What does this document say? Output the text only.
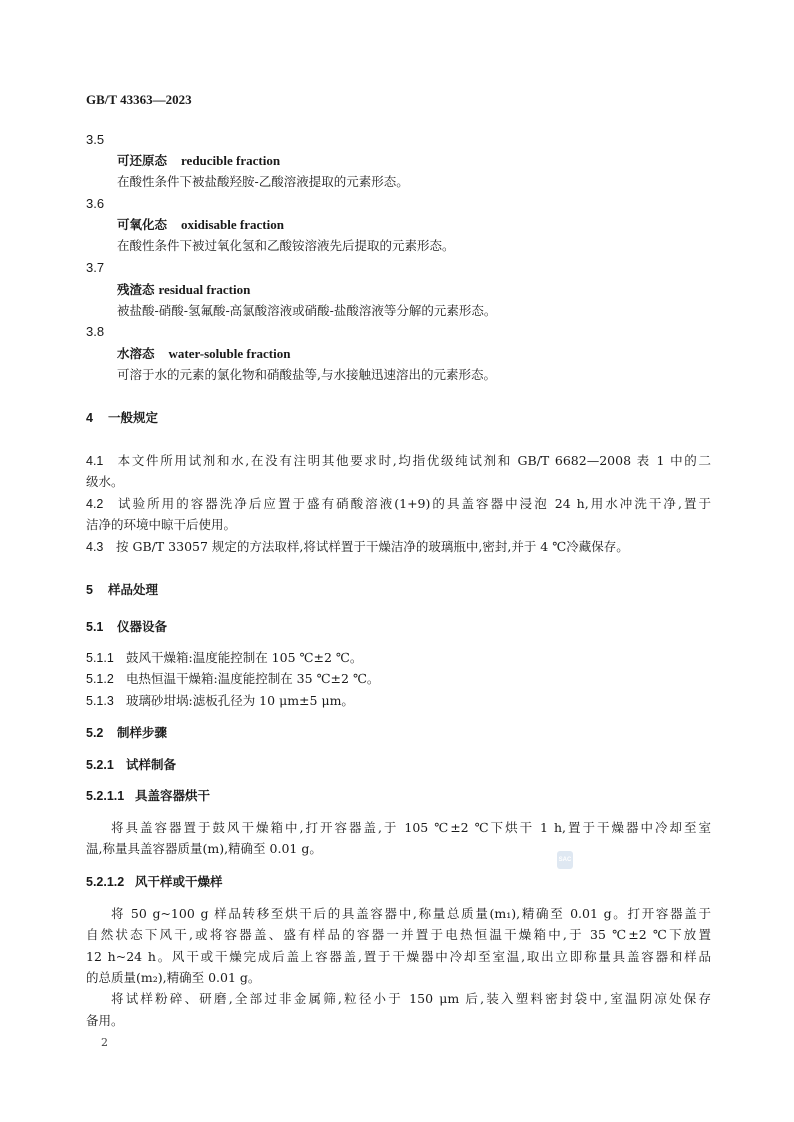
GB/T 43363—2023
3.5
可还原态 reducible fraction
在酸性条件下被盐酸羟胺-乙酸溶液提取的元素形态。
3.6
可氧化态 oxidisable fraction
在酸性条件下被过氧化氢和乙酸铵溶液先后提取的元素形态。
3.7
残渣态 residual fraction
被盐酸-硝酸-氢氟酸-高氯酸溶液或硝酸-盐酸溶液等分解的元素形态。
3.8
水溶态 water-soluble fraction
可溶于水的元素的氯化物和硝酸盐等,与水接触迅速溶出的元素形态。
4 一般规定
4.1 本文件所用试剂和水,在没有注明其他要求时,均指优级纯试剂和 GB/T 6682—2008 表 1 中的二
级水。
4.2 试验所用的容器洗净后应置于盛有硝酸溶液(1+9)的具盖容器中浸泡 24 h,用水冲洗干净,置于
洁净的环境中晾干后使用。
4.3 按 GB/T 33057 规定的方法取样,将试样置于干燥洁净的玻璃瓶中,密封,并于 4 ℃冷藏保存。
5 样品处理
5.1 仪器设备
5.1.1 鼓风干燥箱:温度能控制在 105 ℃±2 ℃。
5.1.2 电热恒温干燥箱:温度能控制在 35 ℃±2 ℃。
5.1.3 玻璃砂坩埚:滤板孔径为 10 μm±5 μm。
5.2 制样步骤
5.2.1 试样制备
5.2.1.1 具盖容器烘干
将具盖容器置于鼓风干燥箱中,打开容器盖,于 105 ℃±2 ℃下烘干 1 h,置于干燥器中冷却至室
温,称量具盖容器质量(m),精确至 0.01 g。
SAC
5.2.1.2 风干样或干燥样
将 50 g~100 g 样品转移至烘干后的具盖容器中,称量总质量(m₁),精确至 0.01 g。打开容器盖于
自然状态下风干,或将容器盖、盛有样品的容器一并置于电热恒温干燥箱中,于 35 ℃±2 ℃下放置
12 h~24 h。风干或干燥完成后盖上容器盖,置于干燥器中冷却至室温,取出立即称量具盖容器和样品
的总质量(m₂),精确至 0.01 g。
将试样粉碎、研磨,全部过非金属筛,粒径小于 150 μm 后,装入塑料密封袋中,室温阴凉处保存
备用。
2
